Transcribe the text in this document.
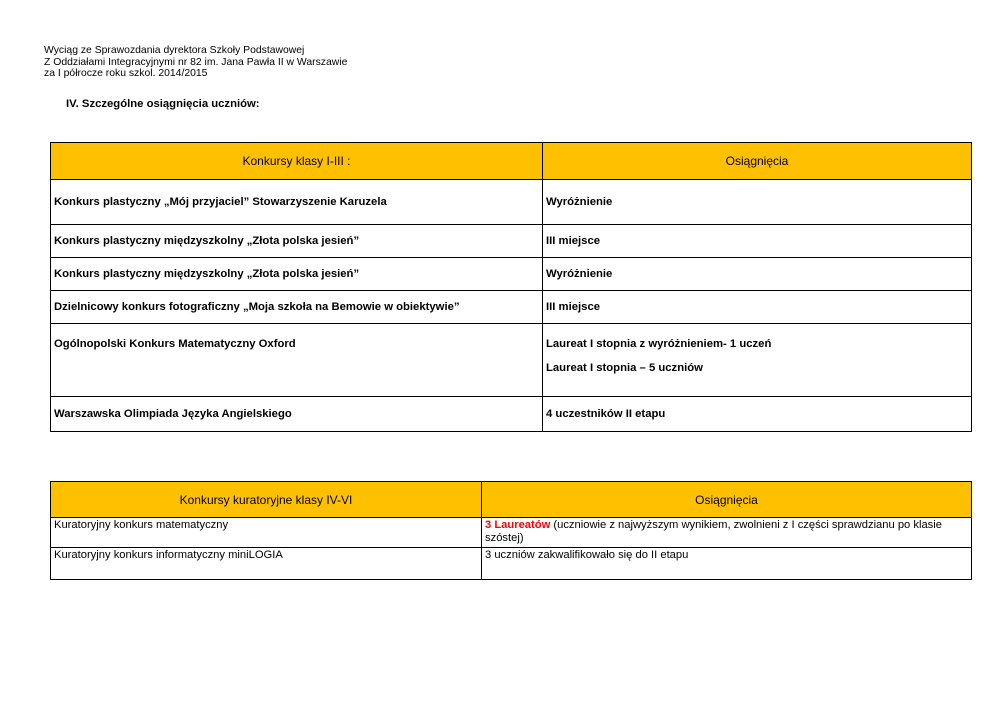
Wyciąg ze Sprawozdania dyrektora Szkoły Podstawowej
Z Oddziałami Integracyjnymi nr 82 im. Jana Pawła II w Warszawie
za I półrocze roku szkol. 2014/2015
IV. Szczególne osiągnięcia uczniów:
Konkursy klasy I-III :	Osiągnięcia
Konkurs plastyczny „Mój przyjaciel” Stowarzyszenie Karuzela	Wyróżnienie
Konkurs plastyczny międzyszkolny „Złota polska jesień”	III miejsce
Konkurs plastyczny międzyszkolny „Złota polska jesień”	Wyróżnienie
Dzielnicowy konkurs fotograficzny „Moja szkoła na Bemowie w obiektywie”	III miejsce
Ogólnopolski Konkurs Matematyczny Oxford	Laureat I stopnia z wyróżnieniem- 1 uczeń
Laureat I stopnia – 5 uczniów

Warszawska Olimpiada Języka Angielskiego	4 uczestników II etapu
Konkursy kuratoryjne klasy IV-VI	Osiągnięcia
Kuratoryjny konkurs matematyczny	3 Laureatów (uczniowie z najwyższym wynikiem, zwolnieni z I części sprawdzianu po klasie szóstej)
Kuratoryjny konkurs informatyczny miniLOGIA	3 uczniów zakwalifikowało się do II etapu
